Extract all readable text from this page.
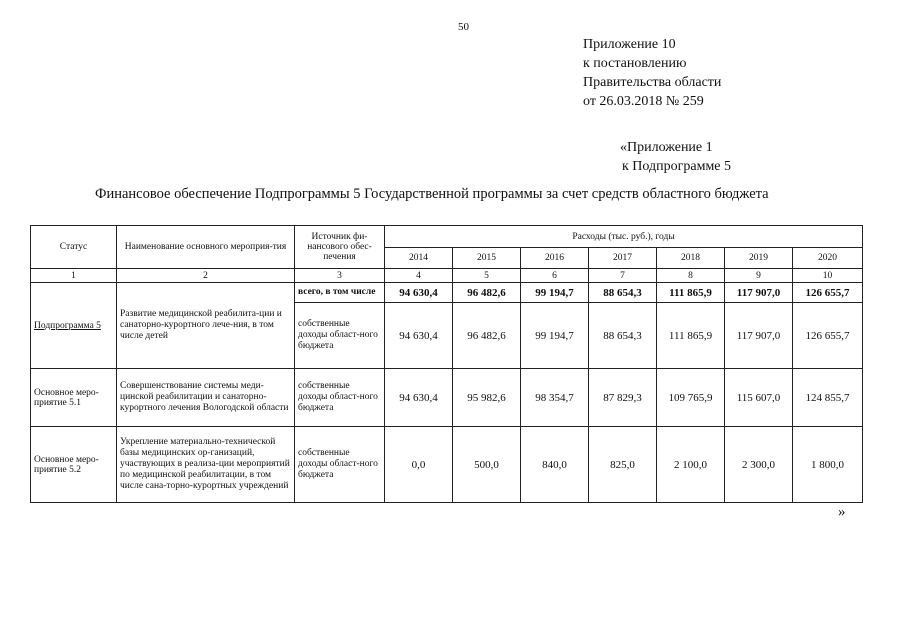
50
Приложение 10
к постановлению
Правительства области
от 26.03.2018 № 259
«Приложение 1
к Подпрограмме 5
Финансовое обеспечение Подпрограммы 5 Государственной программы за счет средств областного бюджета
Статус	Наименование основного мероприя-тия	Источник фи-нансового обес-печения	Расходы (тыс. руб.), годы						
			2014	2015	2016	2017	2018	2019	2020
1	2	3	4	5	6	7	8	9	10
Подпрограмма 5	Развитие медицинской реабилита-ции и санаторно-курортного лече-ния, в том числе детей	всего, в том числе	94 630,4	96 482,6	99 194,7	88 654,3	111 865,9	117 907,0	126 655,7
		собственные доходы област-ного бюджета	94 630,4	96 482,6	99 194,7	88 654,3	111 865,9	117 907,0	126 655,7
Основное меро-приятие 5.1	Совершенствование системы меди-цинской реабилитации и санаторно-курортного лечения Вологодской области	собственные доходы област-ного бюджета	94 630,4	95 982,6	98 354,7	87 829,3	109 765,9	115 607,0	124 855,7
Основное меро-приятие 5.2	Укрепление материально-технической базы медицинских ор-ганизаций, участвующих в реализа-ции мероприятий по медицинской реабилитации, в том числе сана-торно-курортных учреждений	собственные доходы област-ного бюджета	0,0	500,0	840,0	825,0	2 100,0	2 300,0	1 800,0
»
